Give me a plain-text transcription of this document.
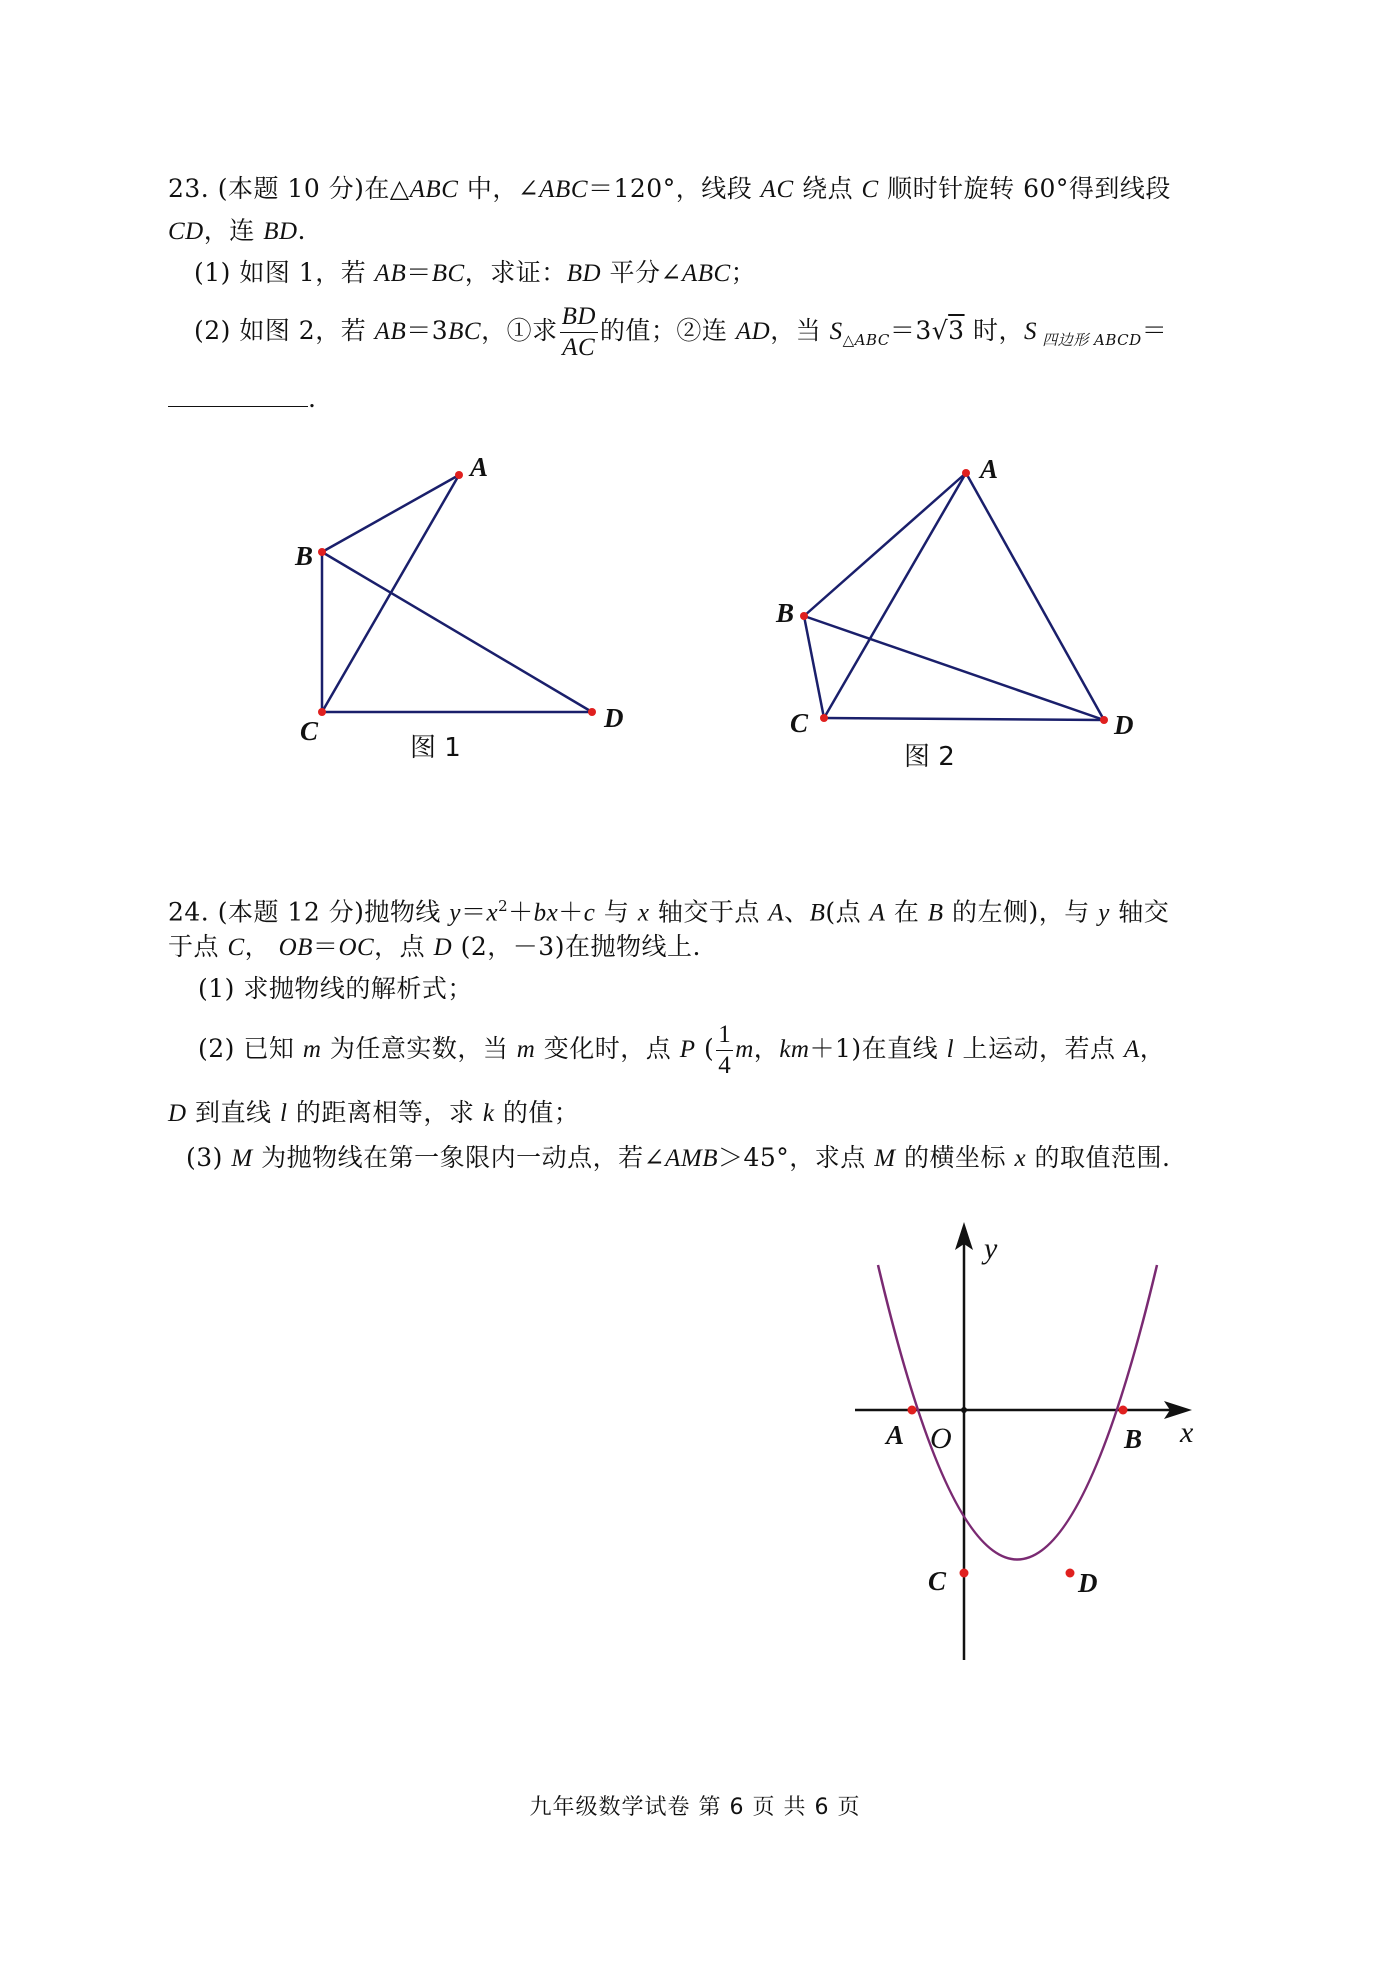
23. (本题 10 分)在△ABC 中，∠ABC＝120°，线段 AC 绕点 C 顺时针旋转 60°得到线段
CD，连 BD.
(1) 如图 1，若 AB＝BC，求证：BD 平分∠ABC；
(2) 如图 2，若 AB＝3BC，①求 $\frac{BD}{AC}$ 的值；②连 AD，当 $S_{\triangle ABC}=3√3$ 时，S $_{四边形 ABCD}$＝
.
A
B
C	D
图 1
A
B
C	D
图 2
y
x
O
A	B
C	D
24. (本题 12 分)抛物线 $y=x^2+bx+c$ 与 x 轴交于点 A、B(点 A 在 B 的左侧)，与 y 轴交
于点 C， OB＝OC，点 D (2，－3)在抛物线上.
(1) 求抛物线的解析式；
(2) 已知 m 为任意实数，当 m 变化时，点 P ( $\frac{1}{4}$ m，km＋1)在直线 l 上运动，若点 A，
D 到直线 l 的距离相等，求 k 的值；
(3) M 为抛物线在第一象限内一动点，若∠AMB＞45°，求点 M 的横坐标 x 的取值范围.
九年级数学试卷 第 6 页 共 6 页
